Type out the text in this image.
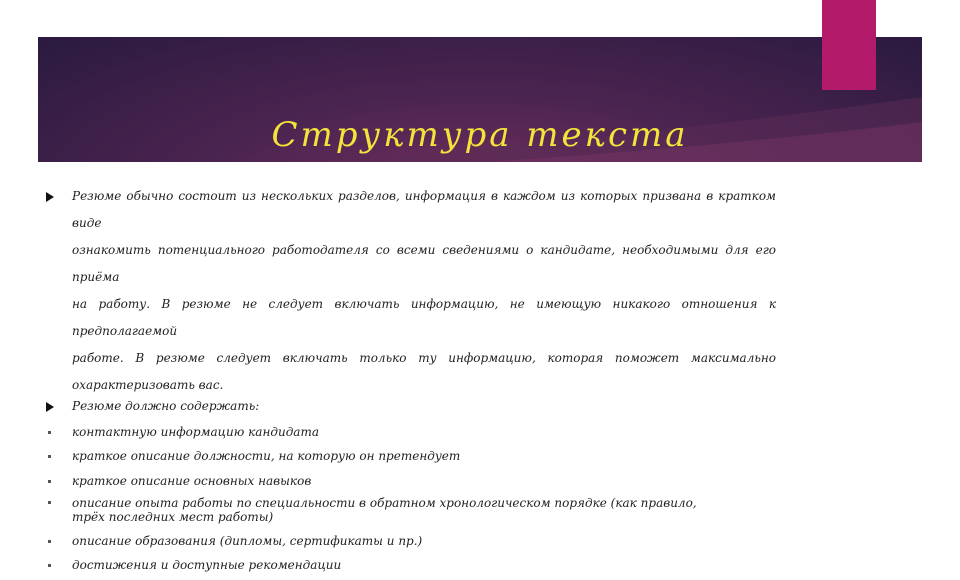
Структура текста
Резюме обычно состоит из нескольких разделов, информация в каждом из которых призвана в кратком виде
ознакомить потенциального работодателя со всеми сведениями о кандидате, необходимыми для его приёма
на работу. В резюме не следует включать информацию, не имеющую никакого отношения к предполагаемой
работе. В резюме следует включать только ту информацию, которая поможет максимально
охарактеризовать вас.
Резюме должно содержать:
контактную информацию кандидата
краткое описание должности, на которую он претендует
краткое описание основных навыков
описание опыта работы по специальности в обратном хронологическом порядке (как правило, трёх последних мест работы)
описание образования (дипломы, сертификаты и пр.)
достижения и доступные рекомендации
